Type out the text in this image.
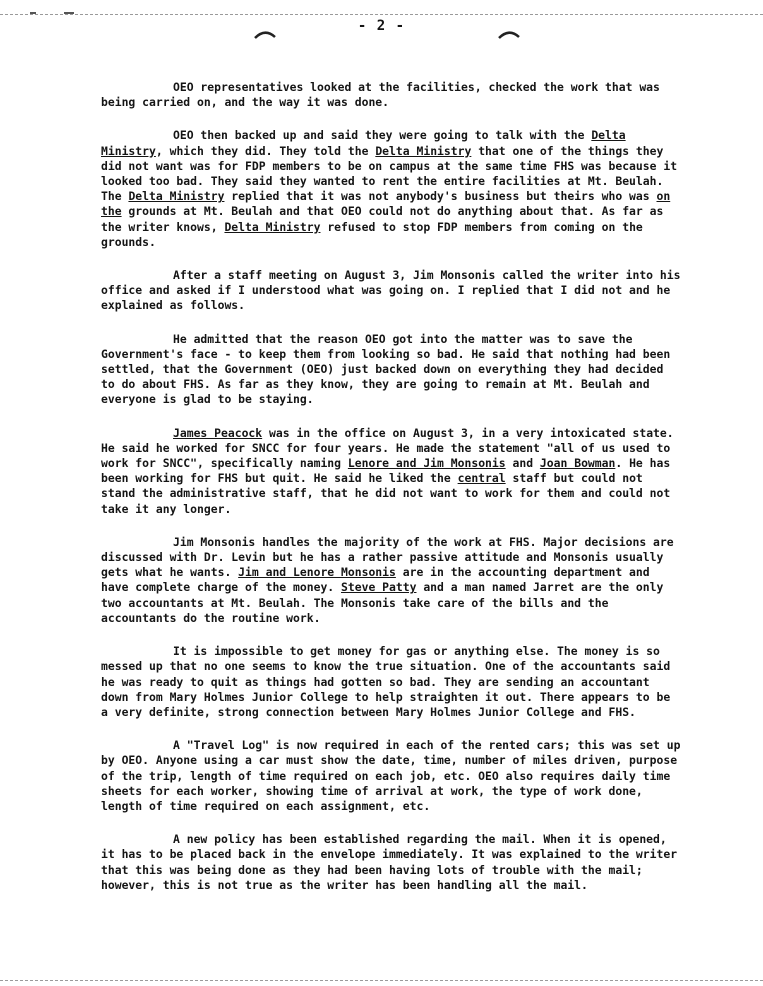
- 2 -

OEO representatives looked at the facilities, checked the work that was being carried on, and the way it was done.

OEO then backed up and said they were going to talk with the Delta Ministry, which they did. They told the Delta Ministry that one of the things they did not want was for FDP members to be on campus at the same time FHS was because it looked too bad. They said they wanted to rent the entire facilities at Mt. Beulah. The Delta Ministry replied that it was not anybody's business but theirs who was on the grounds at Mt. Beulah and that OEO could not do anything about that. As far as the writer knows, Delta Ministry refused to stop FDP members from coming on the grounds.

After a staff meeting on August 3, Jim Monsonis called the writer into his office and asked if I understood what was going on. I replied that I did not and he explained as follows.

He admitted that the reason OEO got into the matter was to save the Government's face - to keep them from looking so bad. He said that nothing had been settled, that the Government (OEO) just backed down on everything they had decided to do about FHS. As far as they know, they are going to remain at Mt. Beulah and everyone is glad to be staying.

James Peacock was in the office on August 3, in a very intoxicated state. He said he worked for SNCC for four years. He made the statement "all of us used to work for SNCC", specifically naming Lenore and Jim Monsonis and Joan Bowman. He has been working for FHS but quit. He said he liked the central staff but could not stand the administrative staff, that he did not want to work for them and could not take it any longer.

Jim Monsonis handles the majority of the work at FHS. Major decisions are discussed with Dr. Levin but he has a rather passive attitude and Monsonis usually gets what he wants. Jim and Lenore Monsonis are in the accounting department and have complete charge of the money. Steve Patty and a man named Jarret are the only two accountants at Mt. Beulah. The Monsonis take care of the bills and the accountants do the routine work.

It is impossible to get money for gas or anything else. The money is so messed up that no one seems to know the true situation. One of the accountants said he was ready to quit as things had gotten so bad. They are sending an accountant down from Mary Holmes Junior College to help straighten it out. There appears to be a very definite, strong connection between Mary Holmes Junior College and FHS.

A "Travel Log" is now required in each of the rented cars; this was set up by OEO. Anyone using a car must show the date, time, number of miles driven, purpose of the trip, length of time required on each job, etc. OEO also requires daily time sheets for each worker, showing time of arrival at work, the type of work done, length of time required on each assignment, etc.

A new policy has been established regarding the mail. When it is opened, it has to be placed back in the envelope immediately. It was explained to the writer that this was being done as they had been having lots of trouble with the mail; however, this is not true as the writer has been handling all the mail.
